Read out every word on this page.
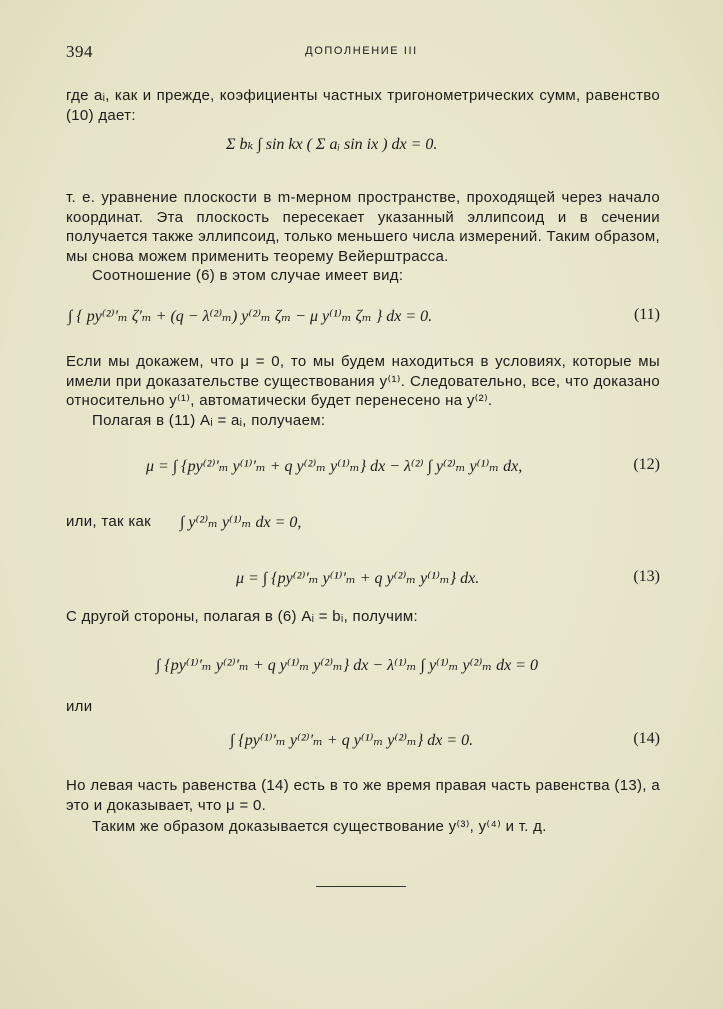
394	ДОПОЛНЕНИЕ III
где aᵢ, как и прежде, коэфициенты частных тригонометрических сумм, равенство (10) дает:
Σ bₖ ∫ sin kx ( Σ aᵢ sin ix ) dx = 0.
т. е. уравнение плоскости в m-мерном пространстве, проходящей через начало координат. Эта плоскость пересекает указанный эллипсоид и в сечении получается также эллипсоид, только меньшего числа измерений. Таким образом, мы снова можем применить теорему Вейерштрасса.
Соотношение (6) в этом случае имеет вид:
∫ { py⁽²⁾′ₘ ζ′ₘ + (q − λ⁽²⁾ₘ) y⁽²⁾ₘ ζₘ − μ y⁽¹⁾ₘ ζₘ } dx = 0.	(11)
Если мы докажем, что μ = 0, то мы будем находиться в условиях, которые мы имели при доказательстве существования y⁽¹⁾. Следовательно, все, что доказано относительно y⁽¹⁾, автоматически будет перенесено на y⁽²⁾.
Полагая в (11) Aᵢ = aᵢ, получаем:
μ = ∫ {py⁽²⁾′ₘ y⁽¹⁾′ₘ + q y⁽²⁾ₘ y⁽¹⁾ₘ} dx − λ⁽²⁾ ∫ y⁽²⁾ₘ y⁽¹⁾ₘ dx,	(12)
или, так как	∫ y⁽²⁾ₘ y⁽¹⁾ₘ dx = 0,
μ = ∫ {py⁽²⁾′ₘ y⁽¹⁾′ₘ + q y⁽²⁾ₘ y⁽¹⁾ₘ} dx.	(13)
С другой стороны, полагая в (6) Aᵢ = bᵢ, получим:
∫ {py⁽¹⁾′ₘ y⁽²⁾′ₘ + q y⁽¹⁾ₘ y⁽²⁾ₘ} dx − λ⁽¹⁾ₘ ∫ y⁽¹⁾ₘ y⁽²⁾ₘ dx = 0
или
∫ {py⁽¹⁾′ₘ y⁽²⁾′ₘ + q y⁽¹⁾ₘ y⁽²⁾ₘ} dx = 0.	(14)
Но левая часть равенства (14) есть в то же время правая часть равенства (13), а это и доказывает, что μ = 0.
Таким же образом доказывается существование y⁽³⁾, y⁽⁴⁾ и т. д.
